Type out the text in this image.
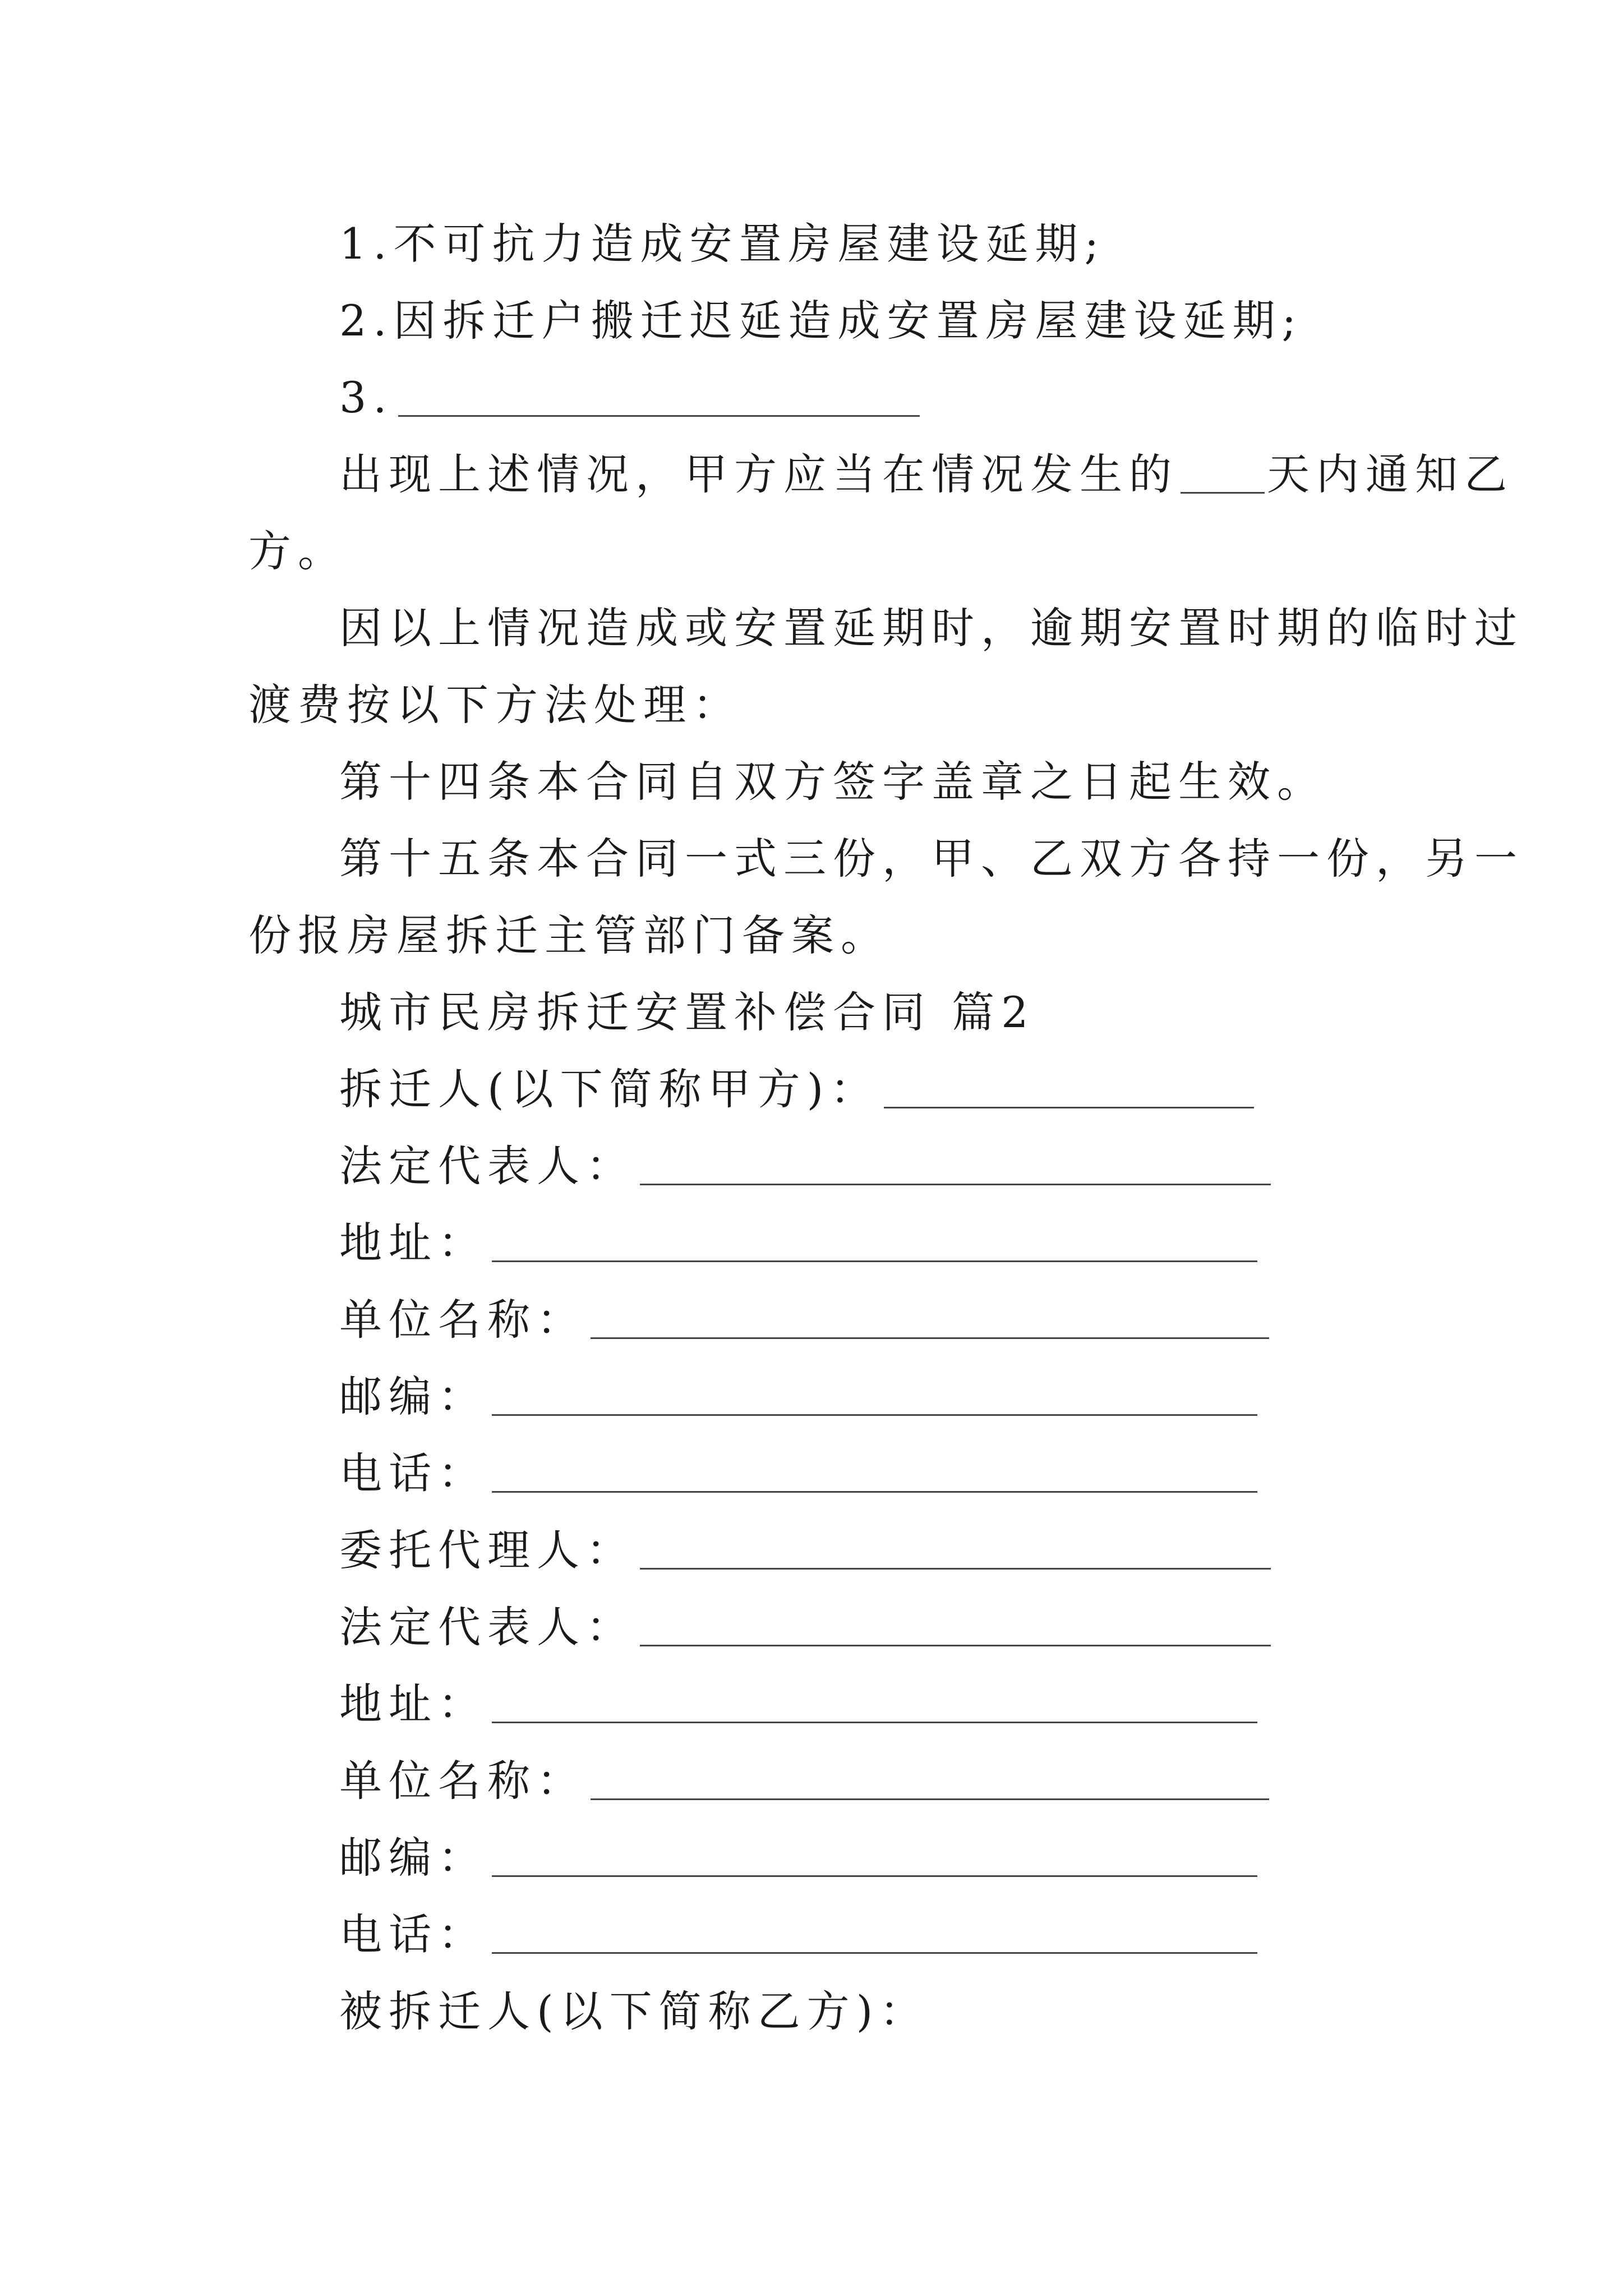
1.不可抗力造成安置房屋建设延期;
2.因拆迁户搬迁迟延造成安置房屋建设延期;
3.
出现上述情况，甲方应当在情况发生的 天内通知乙
方。
因以上情况造成或安置延期时，逾期安置时期的临时过
渡费按以下方法处理：
第十四条本合同自双方签字盖章之日起生效。
第十五条本合同一式三份，甲、乙双方各持一份，另一
份报房屋拆迁主管部门备案。
城市民房拆迁安置补偿合同 篇2
拆迁人(以下简称甲方)：
法定代表人：
地址：
单位名称：
邮编：
电话：
委托代理人：
法定代表人：
地址：
单位名称：
邮编：
电话：
被拆迁人(以下简称乙方)：
